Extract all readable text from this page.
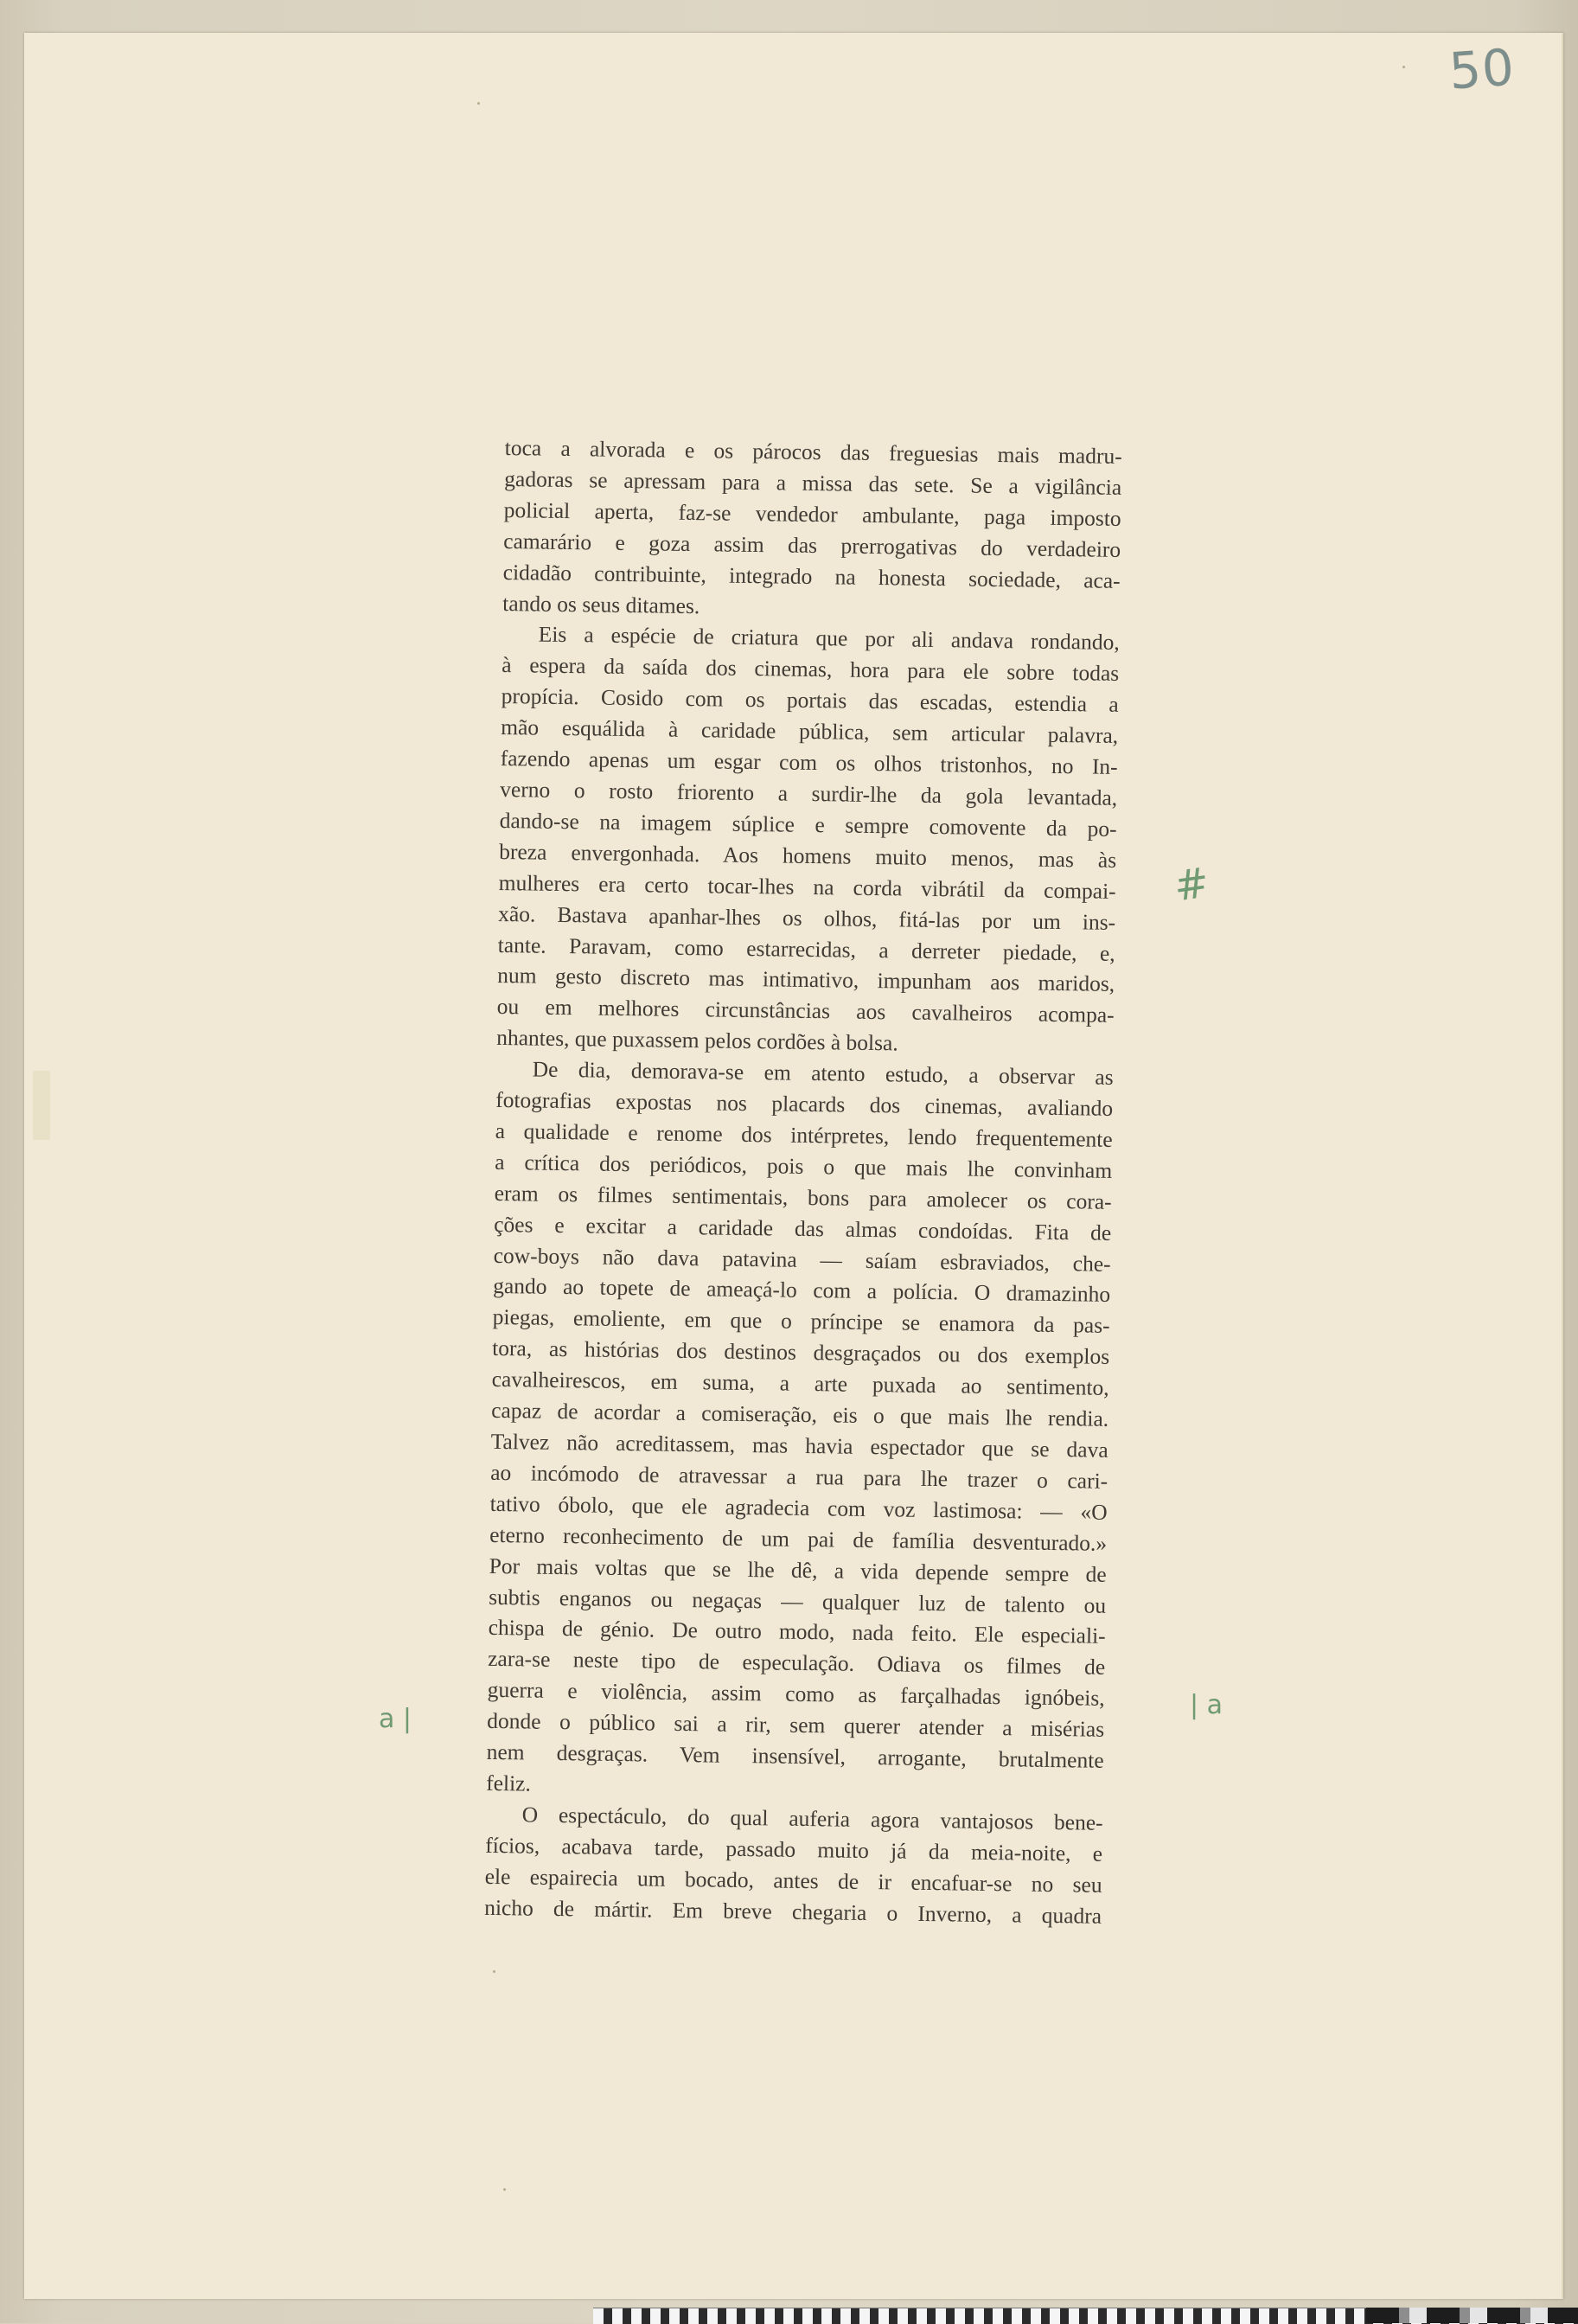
50
toca a alvorada e os párocos das freguesias mais madru-
gadoras se apressam para a missa das sete. Se a vigilância
policial aperta, faz-se vendedor ambulante, paga imposto
camarário e goza assim das prerrogativas do verdadeiro
cidadão contribuinte, integrado na honesta sociedade, aca-
tando os seus ditames.
Eis a espécie de criatura que por ali andava rondando,
à espera da saída dos cinemas, hora para ele sobre todas
propícia. Cosido com os portais das escadas, estendia a
mão esquálida à caridade pública, sem articular palavra,
fazendo apenas um esgar com os olhos tristonhos, no In-
verno o rosto friorento a surdir-lhe da gola levantada,
dando-se na imagem súplice e sempre comovente da po-
breza envergonhada. Aos homens muito menos, mas às
mulheres era certo tocar-lhes na corda vibrátil da compai-
xão. Bastava apanhar-lhes os olhos, fitá-las por um ins-
tante. Paravam, como estarrecidas, a derreter piedade, e,
num gesto discreto mas intimativo, impunham aos maridos,
ou em melhores circunstâncias aos cavalheiros acompa-
nhantes, que puxassem pelos cordões à bolsa.
De dia, demorava-se em atento estudo, a observar as
fotografias expostas nos placards dos cinemas, avaliando
a qualidade e renome dos intérpretes, lendo frequentemente
a crítica dos periódicos, pois o que mais lhe convinham
eram os filmes sentimentais, bons para amolecer os cora-
ções e excitar a caridade das almas condoídas. Fita de
cow-boys não dava patavina — saíam esbraviados, che-
gando ao topete de ameaçá-lo com a polícia. O dramazinho
piegas, emoliente, em que o príncipe se enamora da pas-
tora, as histórias dos destinos desgraçados ou dos exemplos
cavalheirescos, em suma, a arte puxada ao sentimento,
capaz de acordar a comiseração, eis o que mais lhe rendia.
Talvez não acreditassem, mas havia espectador que se dava
ao incómodo de atravessar a rua para lhe trazer o cari-
tativo óbolo, que ele agradecia com voz lastimosa: — «O
eterno reconhecimento de um pai de família desventurado.»
Por mais voltas que se lhe dê, a vida depende sempre de
subtis enganos ou negaças — qualquer luz de talento ou
chispa de génio. De outro modo, nada feito. Ele especiali-
zara-se neste tipo de especulação. Odiava os filmes de
guerra e violência, assim como as farçalhadas ignóbeis,
donde o público sai a rir, sem querer atender a misérias
nem desgraças. Vem insensível, arrogante, brutalmente
feliz.
O espectáculo, do qual auferia agora vantajosos bene-
fícios, acabava tarde, passado muito já da meia-noite, e
ele espairecia um bocado, antes de ir encafuar-se no seu
nicho de mártir. Em breve chegaria o Inverno, a quadra
#
a |	| a
